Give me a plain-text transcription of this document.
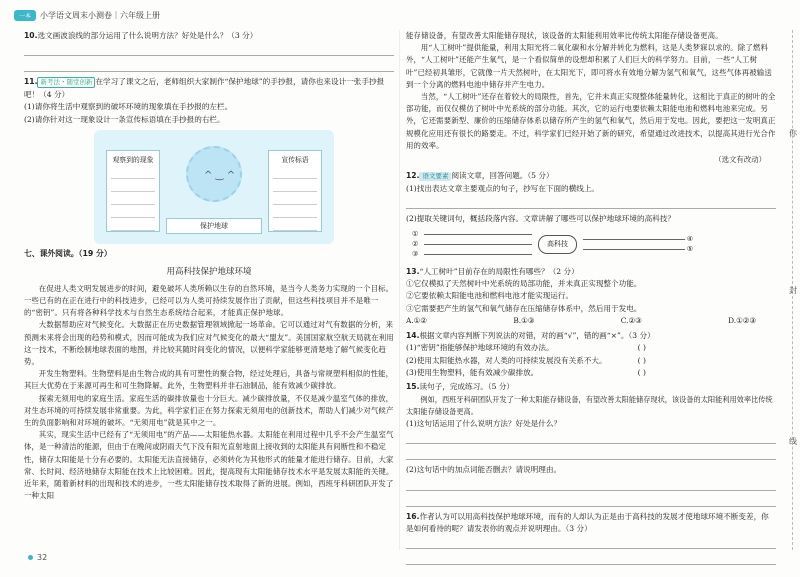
一本	小学语文周末小测卷｜六年级上册
10.选文画波浪线的部分运用了什么说明方法？好处是什么？（3 分）
11. 新考法・随堂创新 在学习了课文之后，老师组织大家制作“保护地球”的手抄报，请你也来设计一张手抄报吧！（4 分）
(1)请你将生活中观察到的破坏环境的现象填在手抄报的左栏。
(2)请你针对这一现象设计一条宣传标语填在手抄报的右栏。
观察到的现象
^ ‿ ^
宣传标语
保护地球
七、课外阅读。（19 分）
用高科技保护地球环境

在促进人类文明发展进步的时间，避免破坏人类所赖以生存的自然环境，是当今人类务力实现的一个目标。一些已有的在正在进行中的科技进步，已经可以为人类可持续发展作出了贡献，但这些科技项目并不是唯一的“密钥”。只有将各种科学技术与自然生态系统结合起来，才能真正保护地球。

大数据帮助应对气候变化。大数据正在历史数据管理领域掀起一场革命。它可以通过对气有数据的分析，来预测未来将会出现的趋势和模式，因而可能成为我们应对气候变化的最大“盟友”。美国国家航空航天局就在利用这一技术，不断绘制地球表面的地图，并比较其随时间变化的情况，以便科学家能够更清楚地了解气候变化趋势。

开发生物塑料。生物塑料是由生物合成的具有可塑性的聚合物，经过处理后，具备与常规塑料相似的性能，其巨大优势在于来源可再生和可生物降解。此外，生物塑料并非石油制品，能有效减少碳排放。

探索无须用电的家庭生活。家庭生活的碳排放量也十分巨大。减少碳排放量，不仅是减少温室气体的排放，对生态环境的可持续发展非常重要。为此，科学家们正在努力探索无须用电的创新技术，帮助人们减少对气候产生的负面影响和对环境的破坏。“无须用电”就是其中之一。

其实，现实生活中已经有了“无须用电”的产品——太阳能热水器。太阳能在利用过程中几乎不会产生温室气体，是一种清洁的能源，但由于在晚间或阴雨天气下没有阳光直射地面上接收到的太阳能具有间断性和不稳定性，储存太阳能是十分有必要的。太阳能无法直接储存，必须转化为其他形式的能量才能进行储存。目前，大家常、长时间、经济地储存太阳能在技术上比较困难。因此，提高现有太阳能储存技术水平是发展太阳能的关键。近年来，随着新材料的出现和技术的进步，一些太阳能储存技术取得了新的进展。例如，西班牙科研团队开发了一种太阳

能存储设备，有望改善太阳能储存现状，该设备的太阳能利用效率比传统太阳能存储设备更高。

用“人工树叶”提供能量，利用太阳光将二氧化碳和水分解并转化为燃料，这是人类梦寐以求的。除了燃料外，“人工树叶”还能产生氧气，是一个看似简单的设想却积累了人们巨大的科学努力。目前，一些“人工树叶”已经初具雏形，它就像一片天然树叶，在太阳光下，即可将水有效地分解为氢气和氧气，这些气体再被输送到一个分离的燃料电池中储存并产生电力。

当然，“人工树叶”还存在着较大的局限性，首先，它并未真正实现整体能量转化，这相比于真正的树叶的全部功能，而仅仅模仿了树叶中光系统的部分功能。其次，它的运行电要依赖太阳能电池和燃料电池来完成。另外，它还需要新型、廉价的压缩储存体系以储存所产生的氢气和氧气，然后用于发电。因此，要把这一发明真正规模化应用还有很长的路要走。不过，科学家们已经开始了新的研究，希望通过改进技术，以提高其进行光合作用的效率。

（选文有改动）
12. 语文要素 阅读文章，回答问题。（5 分）
(1)找出表达文章主要观点的句子，抄写在下面的横线上。
(2)提取关键词句，概括段落内容。文章讲解了哪些可以保护地球环境的高科技？
①
②
③
高科技
④
⑤
13.“人工树叶”目前存在的局限性有哪些？（2 分）
①它仅模拟了天然树叶中光系统的局部功能，并未真正实现整个功能。
②它要依赖太阳能电池和燃料电池才能实现运行。
③它需要把产生的氢气和氧气储存在压缩储存体系中，然后用于发电。
A.①②	B.①③	C.②③	D.①②③
14.根据文章内容判断下列说法的对错，对的画“√”，错的画“×”。（3 分）
(1)“密钥”指能够保护地球环境的有效办法。	( )
(2)使用太阳能热水器，对人类的可持续发展没有关系不大。	( )
(3)使用生物塑料，能有效减少碳排放。	( )
15.读句子，完成练习。（5 分）
例如，西班牙科研团队开发了一种太阳能存储设备，有望改善太阳能储存现状，该设备的太阳能利用效率比传统太阳能存储设备更高。
(1)这句话运用了什么说明方法？好处是什么？
(2)这句话中的加点词能否删去？请说明理由。
16.作者认为可以用高科技保护地球环境，而有的人却认为正是由于高科技的发展才使地球环境不断变差，你是如何看待的呢？请发表你的观点并说明理由。（3 分）
你
封
线
32
